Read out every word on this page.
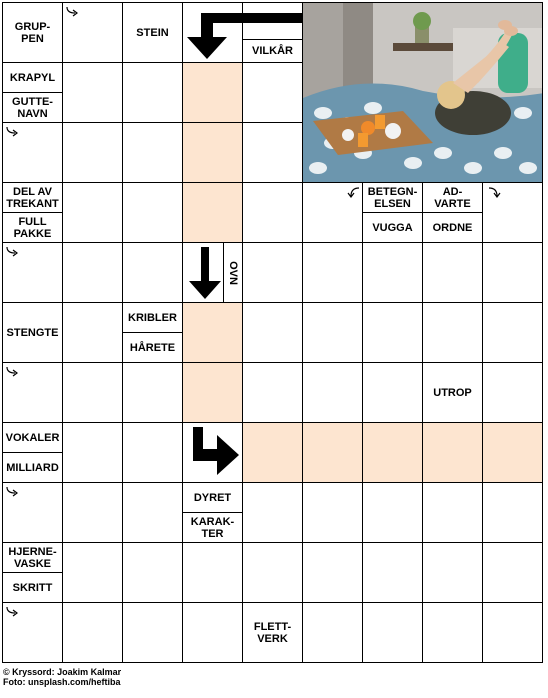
GRUP-
PEN	STEIN
VILKÅR
KRAPYL
GUTTE-
NAVN
DEL AV
TREKANT
FULL
PAKKE
BETEGN-
ELSEN
VUGGA
AD-
VARTE
ORDNE
OVN
STENGTE
KRIBLER
HÅRETE
UTROP
VOKALER
MILLIARD
DYRET
KARAK-
TER
HJERNE-
VASKE
SKRITT
FLETT-
VERK
© Kryssord: Joakim Kalmar
Foto: unsplash.com/heftiba
